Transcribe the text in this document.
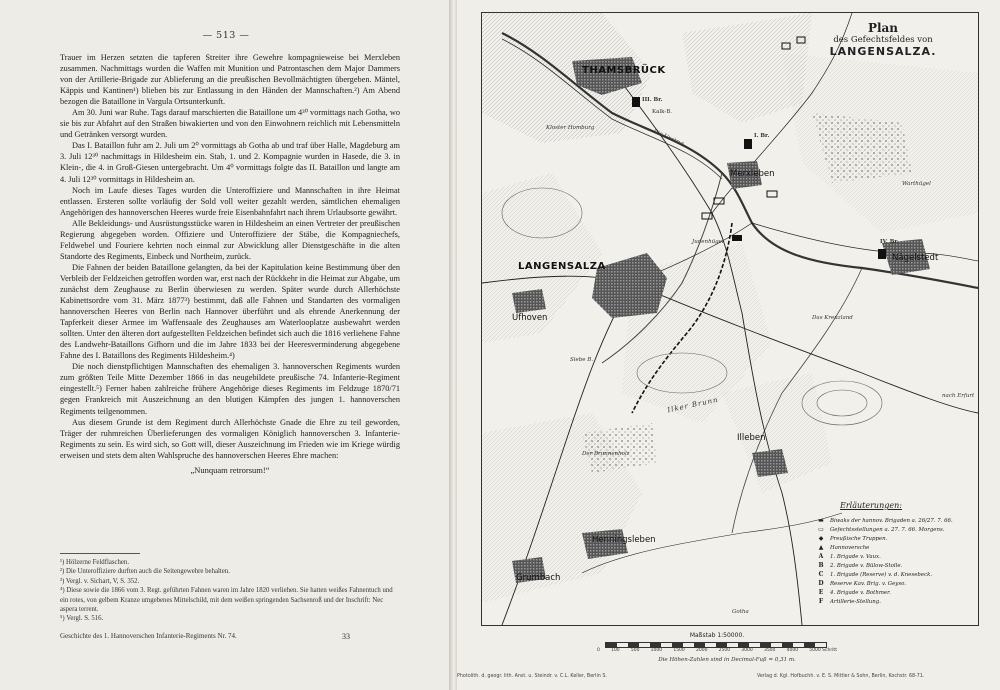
— 513 —

Trauer im Herzen setzten die tapferen Streiter ihre Gewehre kompagnieweise bei Merxleben zusammen. Nachmittags wurden die Waffen mit Munition und Patrontaschen dem Major Dammers von der Artillerie-Brigade zur Ablieferung an die preußischen Bevollmächtigten übergeben. Mäntel, Käppis und Kantinen¹) blieben bis zur Entlassung in den Händen der Mannschaften.²) Am Abend bezogen die Bataillone in Vargula Ortsunterkunft.

Am 30. Juni war Ruhe. Tags darauf marschierten die Bataillone um 4³⁰ vormittags nach Gotha, wo sie bis zur Abfahrt auf den Straßen biwakierten und von den Einwohnern reichlich mit Lebensmitteln und Getränken versorgt wurden.

Das I. Bataillon fuhr am 2. Juli um 2⁰ vormittags ab Gotha ab und traf über Halle, Magdeburg am 3. Juli 12³⁰ nachmittags in Hildesheim ein. Stab, 1. und 2. Kompagnie wurden in Hasede, die 3. in Klein-, die 4. in Groß-Giesen untergebracht. Um 4⁰ vormittags folgte das II. Bataillon und langte am 4. Juli 12³⁰ vormittags in Hildesheim an.

Noch im Laufe dieses Tages wurden die Unteroffiziere und Mannschaften in ihre Heimat entlassen. Ersteren sollte vorläufig der Sold voll weiter gezahlt werden, sämtlichen ehemaligen Angehörigen des hannoverschen Heeres wurde freie Eisenbahnfahrt nach ihrem Urlaubsorte gewährt.

Alle Bekleidungs- und Ausrüstungsstücke waren in Hildesheim an einen Vertreter der preußischen Regierung abgegeben worden. Offiziere und Unteroffiziere der Stäbe, die Kompagniechefs, Feldwebel und Fouriere kehrten noch einmal zur Abwicklung aller Dienstgeschäfte in die alten Standorte des Regiments, Einbeck und Northeim, zurück.

Die Fahnen der beiden Bataillone gelangten, da bei der Kapitulation keine Bestimmung über den Verbleib der Feldzeichen getroffen worden war, erst nach der Rückkehr in die Heimat zur Abgabe, um zunächst dem Zeughause zu Berlin überwiesen zu werden. Später wurde durch Allerhöchste Kabinettsordre vom 31. März 1877³) bestimmt, daß alle Fahnen und Standarten des vormaligen hannoverschen Heeres von Berlin nach Hannover überführt und als ehrende Anerkennung der Tapferkeit dieser Armee im Waffensaale des Zeughauses am Waterlooplatze ausbewahrt werden sollten. Unter den älteren dort aufgestellten Feldzeichen befindet sich auch die 1816 verliehene Fahne des Landwehr-Bataillons Gifhorn und die im Jahre 1833 bei der Heeresverminderung abgegebene Fahne des I. Bataillons des Regiments Hildesheim.⁴)

Die noch dienstpflichtigen Mannschaften des ehemaligen 3. hannoverschen Regiments wurden zum größten Teile Mitte Dezember 1866 in das neugebildete preußische 74. Infanterie-Regiment eingestellt.⁵) Ferner haben zahlreiche frühere Angehörige dieses Regiments im Feldzuge 1870/71 gegen Frankreich mit Auszeichnung an den blutigen Kämpfen des jungen 1. hannoverschen Regiments teilgenommen.

Aus diesem Grunde ist dem Regiment durch Allerhöchste Gnade die Ehre zu teil geworden, Träger der ruhmreichen Überlieferungen des vormaligen Königlich hannoverschen 3. Infanterie-Regiments zu sein. Es wird sich, so Gott will, dieser Auszeichnung im Frieden wie im Kriege würdig erweisen und stets dem alten Wahlspruche des hannoverschen Heeres Ehre machen:

„Nunquam retrorsum!“
¹) Hölzerne Feldflaschen.
²) Die Unteroffiziere durften auch die Seitengewehre behalten.
³) Vergl. v. Sichart, V, S. 352.
⁴) Diese sowie die 1866 vom 3. Regt. geführten Fahnen waren im Jahre 1820 verliehen. Sie hatten weißes Fahnentuch und ein rotes, von gelbem Kranze umgebenes Mittelschild, mit dem weißen springenden Sachsenroß und der Inschrift: Nec aspera terrent.
⁵) Vergl. S. 516.
Geschichte des 1. Hannoverschen Infanterie-Regiments Nr. 74.	33
Plan
des Gefechtsfeldes von
LANGENSALZA.
THAMSBRÜCK
LANGENSALZA
Merxleben
Nägelstedt
Ufhoven
Illeben
Henningsleben
Grumbach
Kalk-B.
III. Br.
I. Br.
IV. Br.
Kloster Homburg
Die Unstrut
Das Kreuzland
Ilker Brunn
Der Brunnenholz
Judenhügel
Siebe B.
Warthügel
nach Erfurt
Gotha
Erläuterungen:
▬	Biwaks der hannov. Brigaden a. 26/27. 7. 66.
▭	Gefechtsstellungen a. 27. 7. 66. Morgens.
◆	Preußische Truppen.
▲	Hannoversche
A	1. Brigade v. Vaux.
B	2. Brigade v. Bülow-Stolle.
C	1. Brigade (Reserve) v. d. Knesebeck.
D	Reserve Kav. Brig. v. Geyso.
E	4. Brigade v. Bothmer.
F	Artillerie-Stellung.
Maßstab 1:50000.
0 100 500 1000 1500 2000 2500 3000 3500 4000 5000 Schritt
Die Höhen-Zahlen sind in Decimal-Fuß = 0,31 m.
Photolith. d. geogr. lith. Anst. u. Steindr. v. C.L. Keller, Berlin S.	Verlag d. Kgl. Hofbuchh. v. E. S. Mittler & Sohn, Berlin, Kochstr. 68-71.
